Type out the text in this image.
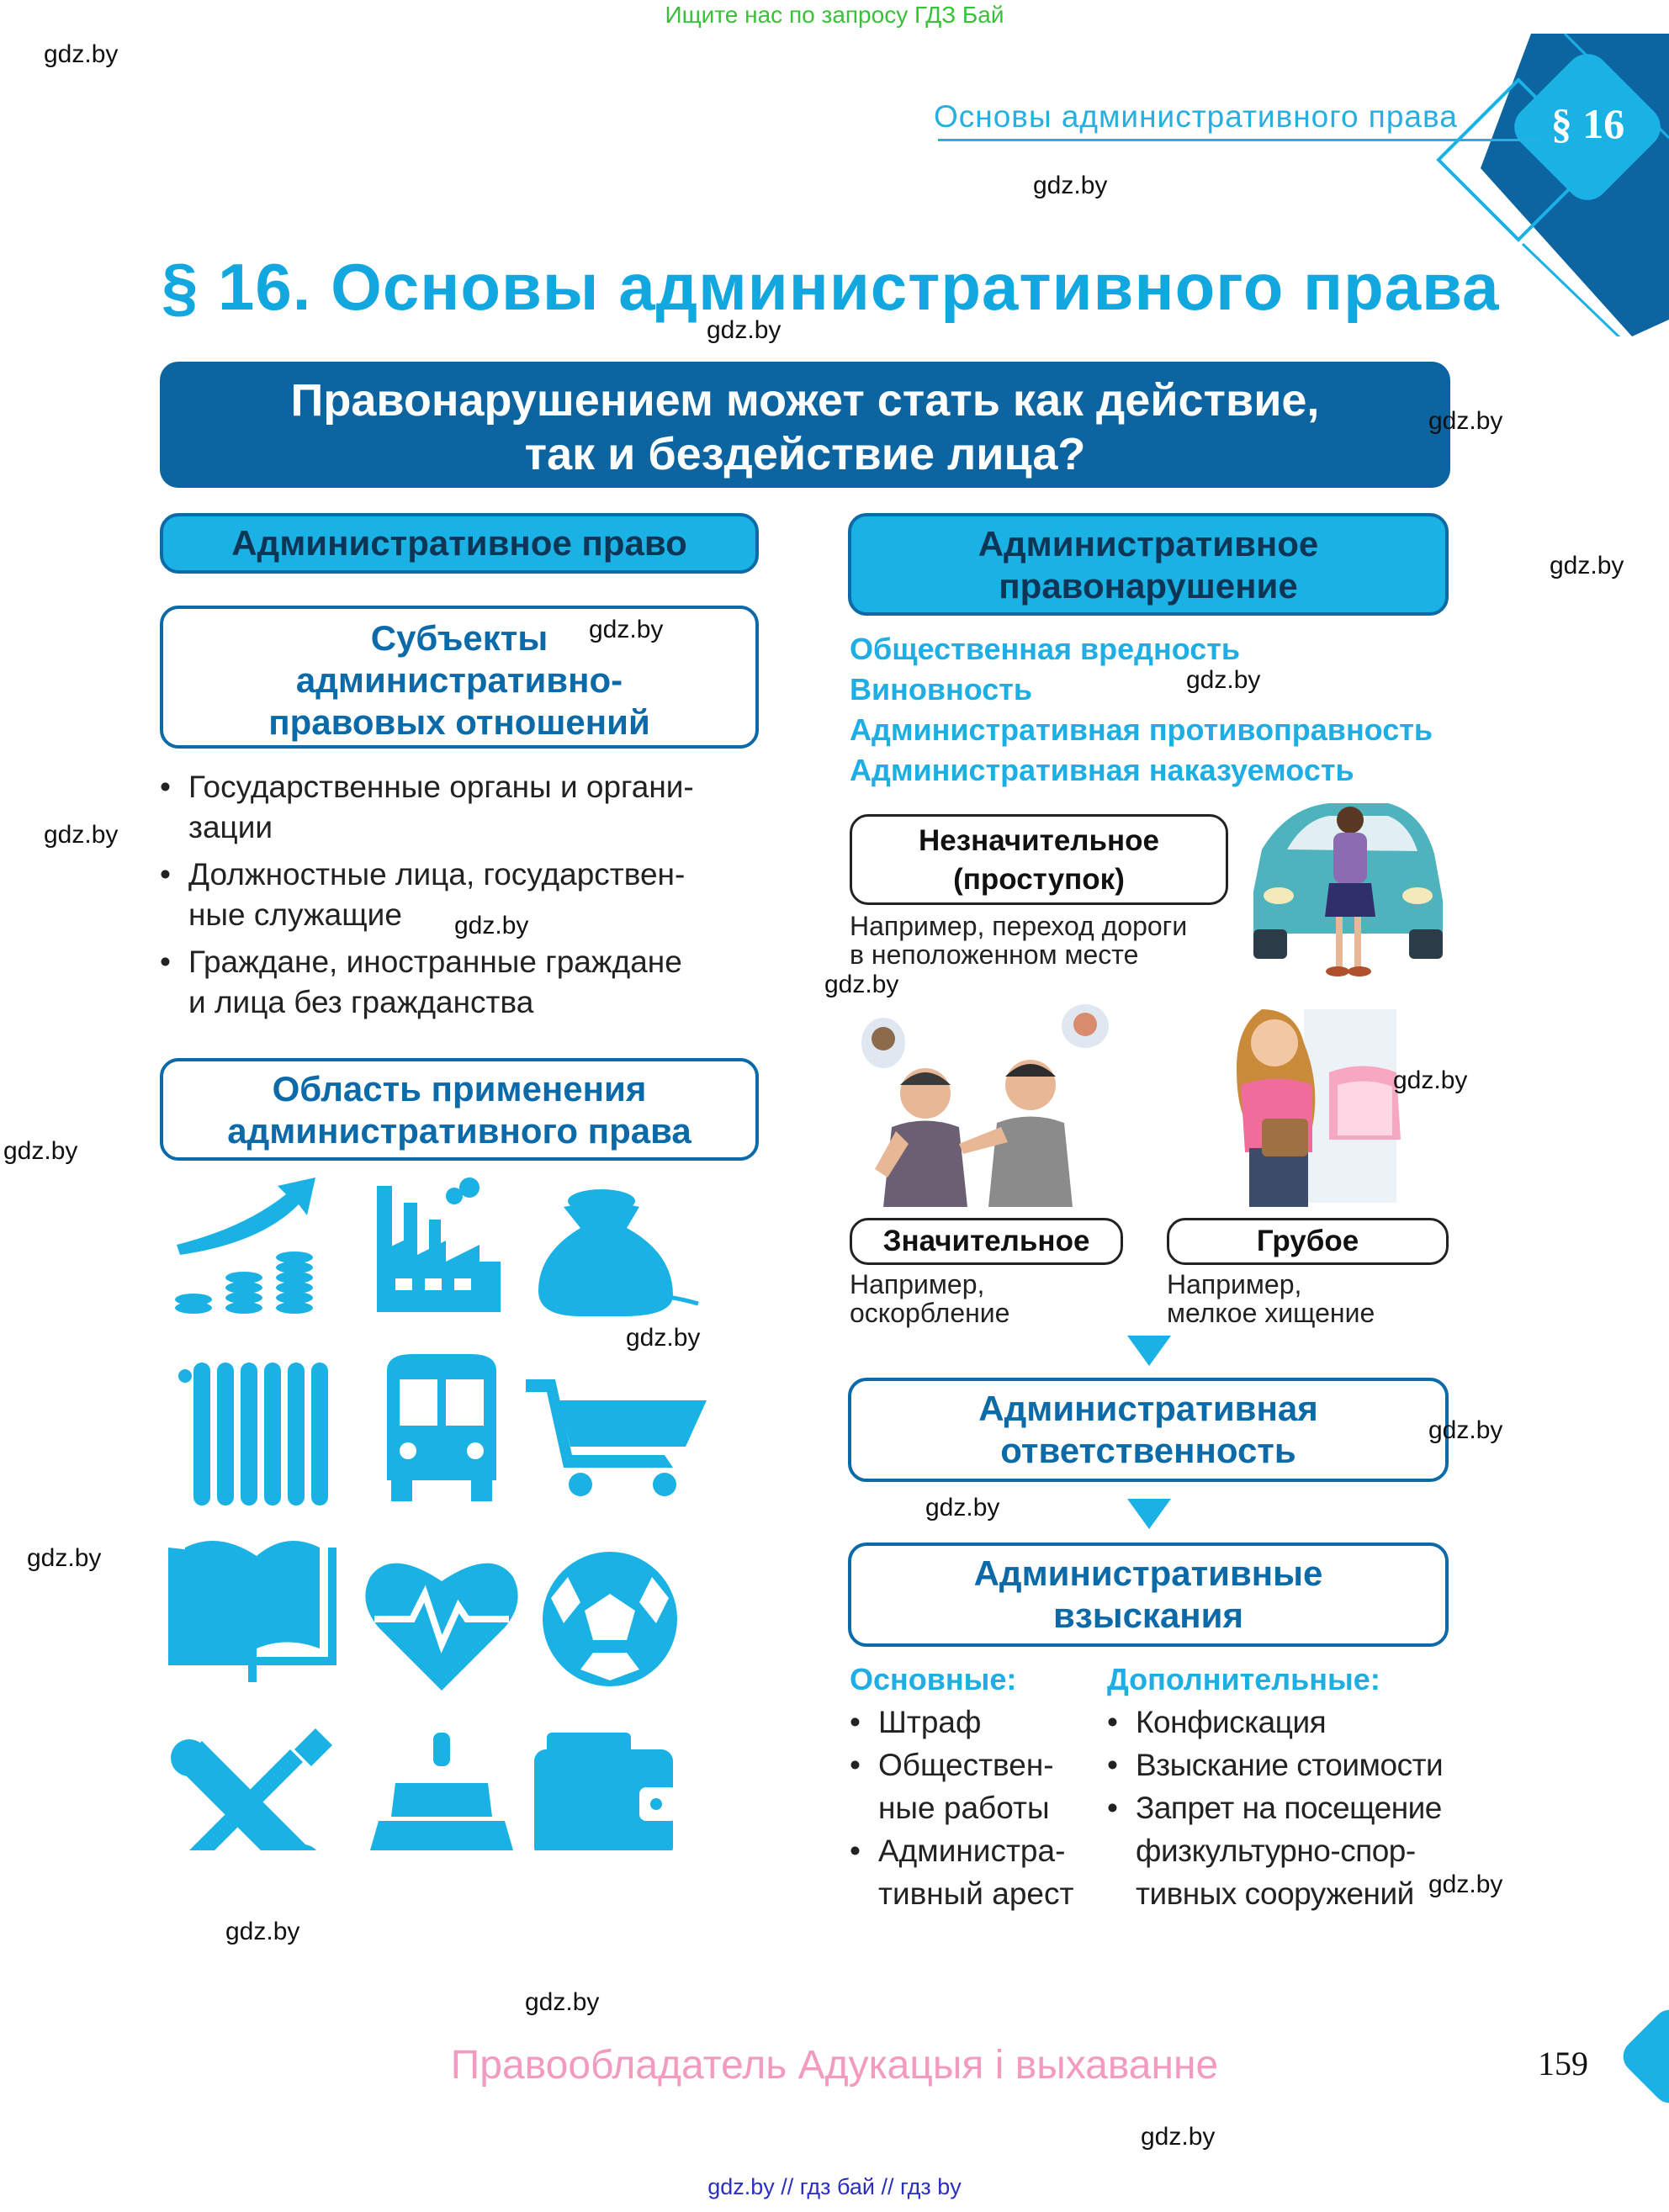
Ищите нас по запросу ГДЗ Бай
§ 16
Основы административного права
§ 16. Основы административного права
Правонарушением может стать как действие,
так и бездействие лица?
Административное право
Субъекты
административно-
правовых отношений
• Государственные органы и органи-
зации
• Должностные лица, государствен-
ные служащие
• Граждане, иностранные граждане
и лица без гражданства
Область применения
административного права
Административное
правонарушение
Общественная вредность
Виновность
Административная противоправность
Административная наказуемость
Незначительное
(проступок)
Например, переход дороги
в неположенном месте
Значительное
Например,
оскорбление
Грубое
Например,
мелкое хищение
Административная
ответственность
Административные
взыскания
Основные:
• Штраф
• Обществен-
ные работы
• Администра-
тивный арест
Дополнительные:
• Конфискация
• Взыскание стоимости
• Запрет на посещение
физкультурно-спор-
тивных сооружений
159
Правообладатель Адукацыя і выхаванне
gdz.by // гдз бай // гдз by
gdz.by
gdz.by
gdz.by
gdz.by
gdz.by
gdz.by
gdz.by
gdz.by
gdz.by
gdz.by
gdz.by
gdz.by
gdz.by
gdz.by
gdz.by
gdz.by
gdz.by
gdz.by
gdz.by
gdz.by
